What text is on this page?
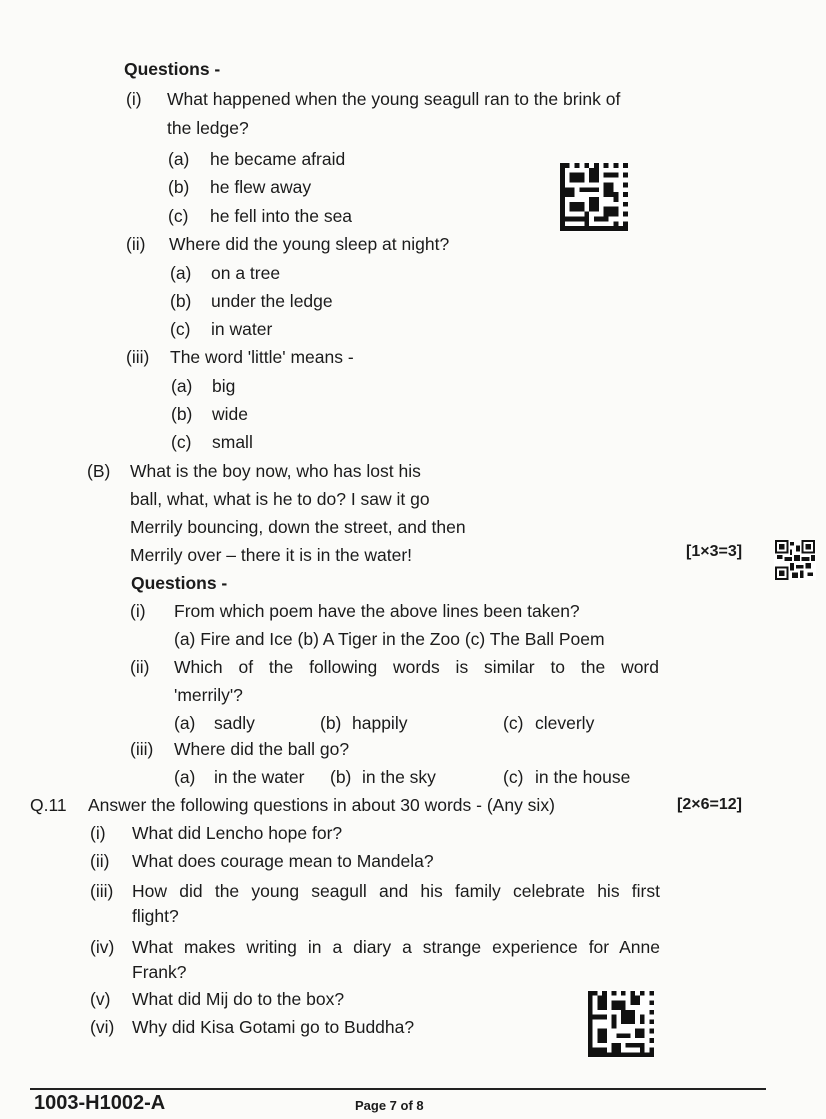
Questions -
(i) What happened when the young seagull ran to the brink of
the ledge?
(a) he became afraid
(b) he flew away
(c) he fell into the sea
(ii) Where did the young sleep at night?
(a) on a tree
(b) under the ledge
(c) in water
(iii) The word 'little' means -
(a) big
(b) wide
(c) small
(B) What is the boy now, who has lost his
ball, what, what is he to do? I saw it go
Merrily bouncing, down the street, and then
Merrily over – there it is in the water!	[1×3=3]
Questions -
(i) From which poem have the above lines been taken?
(a) Fire and Ice (b) A Tiger in the Zoo (c) The Ball Poem
(ii) Which of the following words is similar to the word
'merrily'?
(a) sadly	(b) happily	(c) cleverly
(iii) Where did the ball go?
(a) in the water (b) in the sky	(c) in the house
Q.11 Answer the following questions in about 30 words - (Any six)	[2×6=12]
(i) What did Lencho hope for?
(ii) What does courage mean to Mandela?
(iii) How did the young seagull and his family celebrate his first
flight?
(iv) What makes writing in a diary a strange experience for Anne
Frank?
(v) What did Mij do to the box?
(vi) Why did Kisa Gotami go to Buddha?
1003-H1002-A	Page 7 of 8
